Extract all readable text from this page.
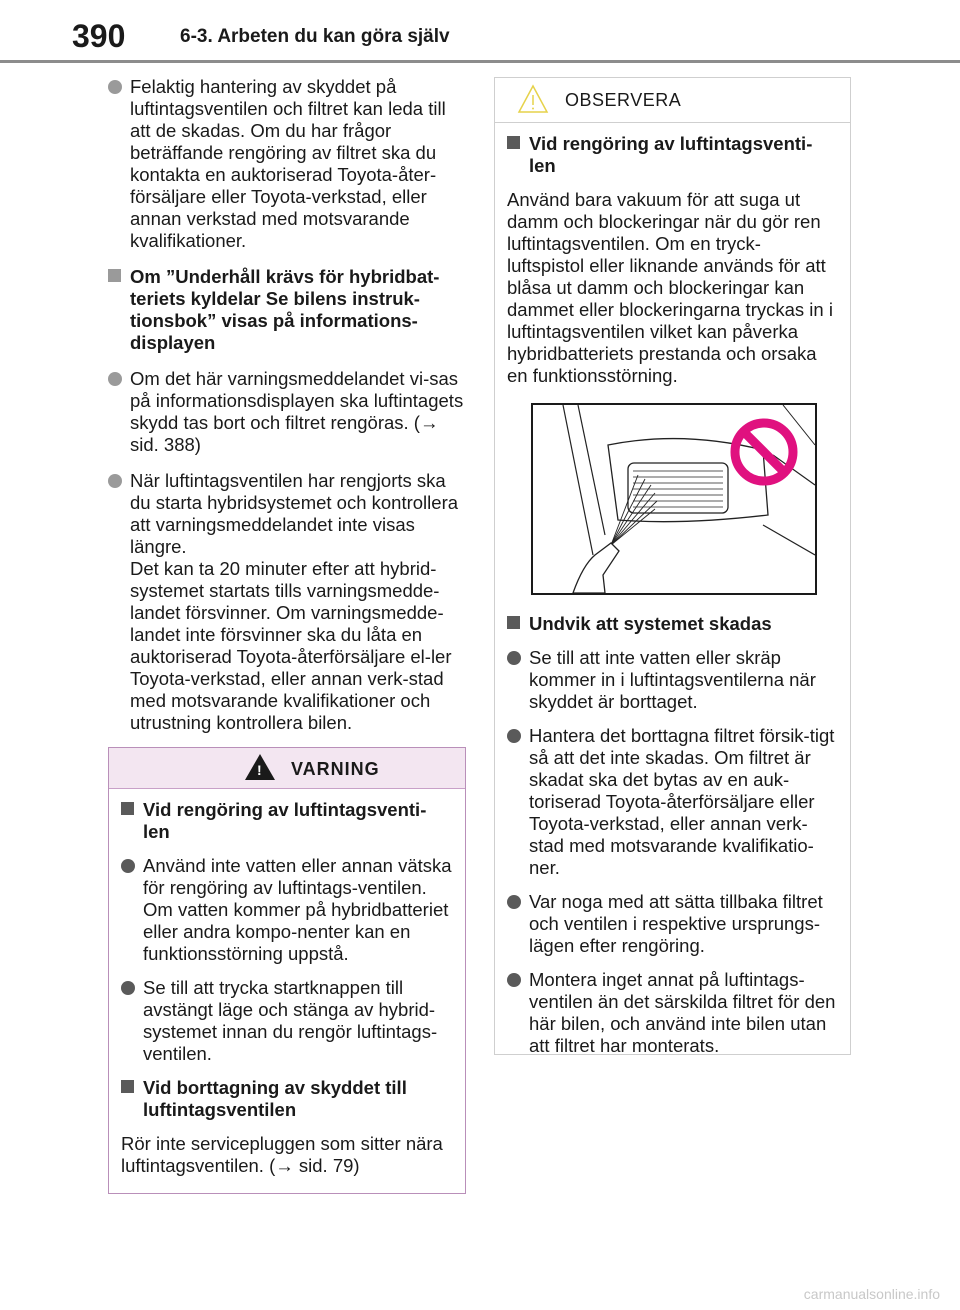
390	6-3. Arbeten du kan göra själv
Felaktig hantering av skyddet på luftintagsventilen och filtret kan leda till att de skadas. Om du har frågor beträffande rengöring av filtret ska du kontakta en auktoriserad Toyota-åter-försäljare eller Toyota-verkstad, eller annan verkstad med motsvarande kvalifikationer.
Om ”Underhåll krävs för hybridbat-teriets kyldelar Se bilens instruk-tionsbok” visas på informations-displayen
Om det här varningsmeddelandet vi-sas på informationsdisplayen ska luftintagets skydd tas bort och filtret rengöras. (→ sid. 388)
När luftintagsventilen har rengjorts ska du starta hybridsystemet och kontrollera att varningsmeddelandet inte visas längre.
Det kan ta 20 minuter efter att hybrid-systemet startats tills varningsmedde-landet försvinner. Om varningsmedde-landet inte försvinner ska du låta en auktoriserad Toyota-återförsäljare el-ler Toyota-verkstad, eller annan verk-stad med motsvarande kvalifikationer och utrustning kontrollera bilen.
! VARNING
Vid rengöring av luftintagsventi-len
Använd inte vatten eller annan vätska för rengöring av luftintags-ventilen. Om vatten kommer på hybridbatteriet eller andra kompo-nenter kan en funktionsstörning uppstå.
Se till att trycka startknappen till avstängt läge och stänga av hybrid-systemet innan du rengör luftintags-ventilen.
Vid borttagning av skyddet till luftintagsventilen
Rör inte servicepluggen som sitter nära luftintagsventilen. (→ sid. 79)
OBSERVERA
Vid rengöring av luftintagsventi-len
Använd bara vakuum för att suga ut damm och blockeringar när du gör ren luftintagsventilen. Om en tryck-luftspistol eller liknande används för att blåsa ut damm och blockeringar kan dammet eller blockeringarna tryckas in i luftintagsventilen vilket kan påverka hybridbatteriets prestanda och orsaka en funktionsstörning.
Undvik att systemet skadas
Se till att inte vatten eller skräp kommer in i luftintagsventilerna när skyddet är borttaget.
Hantera det borttagna filtret försik-tigt så att det inte skadas. Om filtret är skadat ska det bytas av en auk-toriserad Toyota-återförsäljare eller Toyota-verkstad, eller annan verk-stad med motsvarande kvalifikatio-ner.
Var noga med att sätta tillbaka filtret och ventilen i respektive ursprungs-lägen efter rengöring.
Montera inget annat på luftintags-ventilen än det särskilda filtret för den här bilen, och använd inte bilen utan att filtret har monterats.
carmanualsonline.info
